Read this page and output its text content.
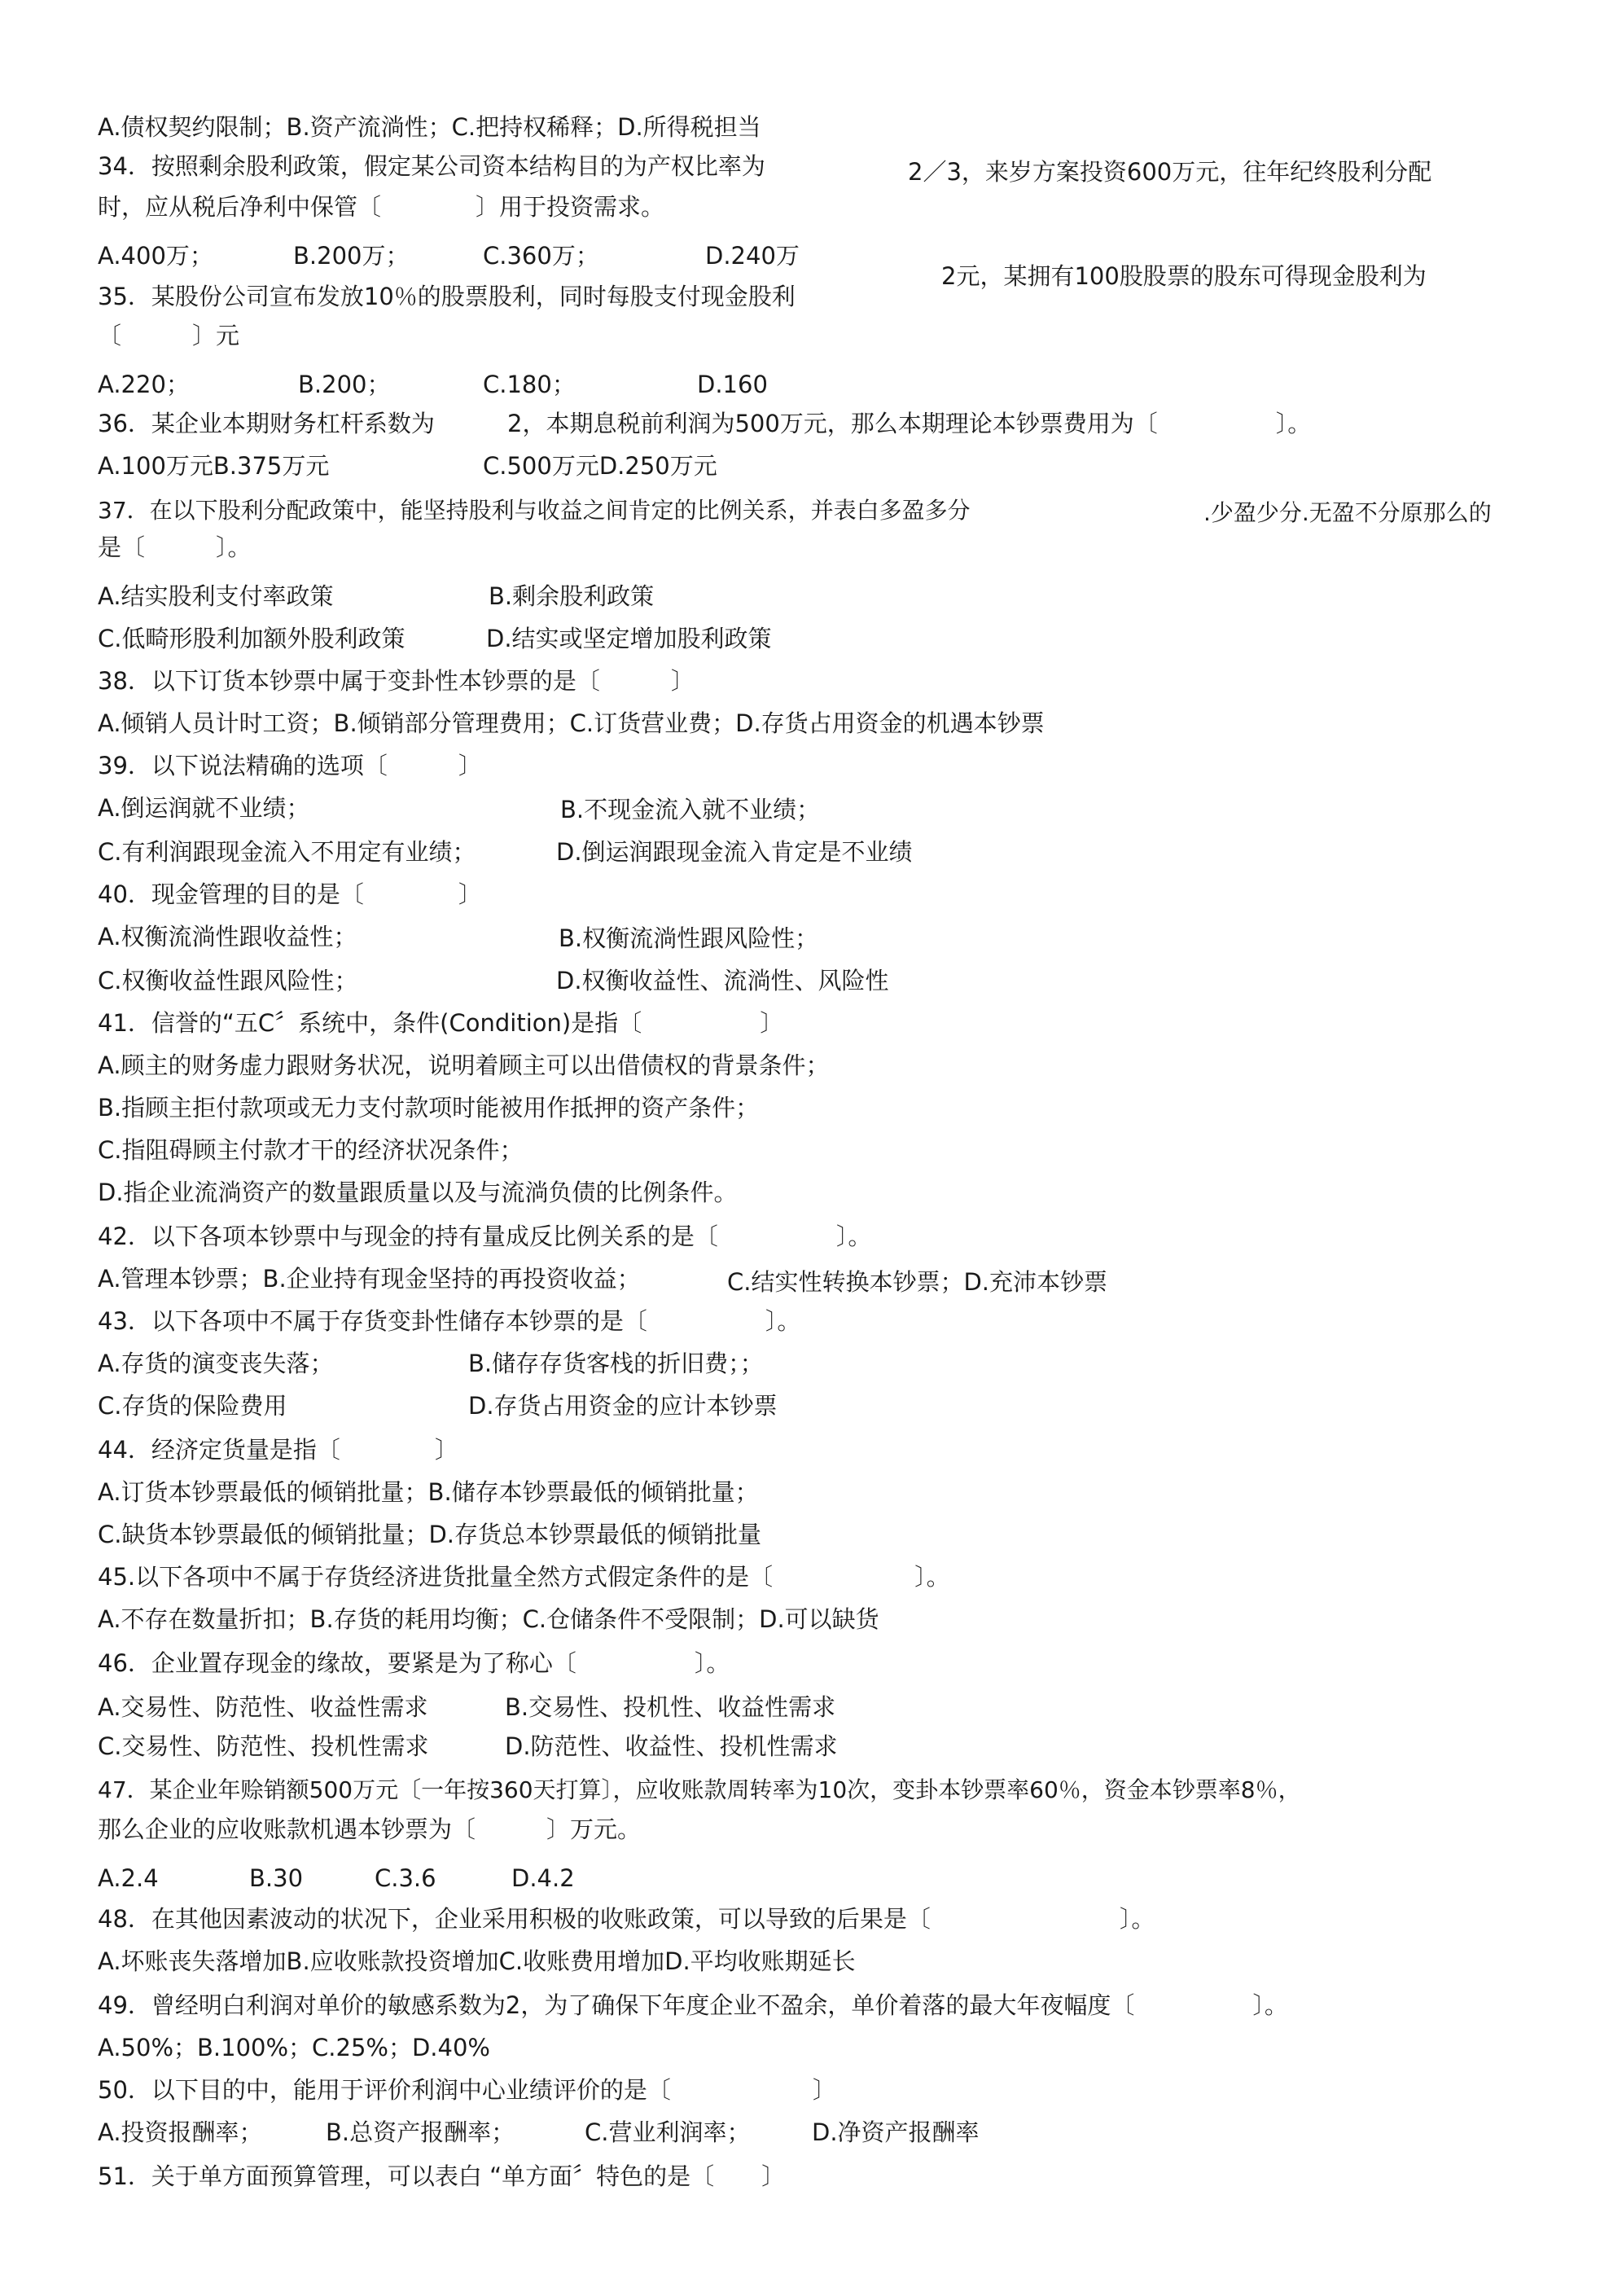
A.债权契约限制；B.资产流淌性；C.把持权稀释；D.所得税担当
34．按照剩余股利政策，假定某公司资本结构目的为产权比率为	2／3，来岁方案投资600万元，往年纪终股利分配
时，应从税后净利中保管〔　　　　〕用于投资需求。
A.400万；	B.200万；	C.360万；	D.240万
2元，某拥有100股股票的股东可得现金股利为
35．某股份公司宣布发放10％的股票股利，同时每股支付现金股利
〔　　　〕元
A.220；	B.200；	C.180；	D.160
36．某企业本期财务杠杆系数为	2，本期息税前利润为500万元，那么本期理论本钞票费用为〔　　　　　〕。
A.100万元B.375万元	C.500万元D.250万元
37．在以下股利分配政策中，能坚持股利与收益之间肯定的比例关系，并表白多盈多分	.少盈少分.无盈不分原那么的
是〔　　　〕。
A.结实股利支付率政策	B.剩余股利政策
C.低畸形股利加额外股利政策	D.结实或坚定增加股利政策
38．以下订货本钞票中属于变卦性本钞票的是〔　　　〕
A.倾销人员计时工资；B.倾销部分管理费用；C.订货营业费；D.存货占用资金的机遇本钞票
39．以下说法精确的选项〔　　　〕
A.倒运润就不业绩；	B.不现金流入就不业绩；
C.有利润跟现金流入不用定有业绩；	D.倒运润跟现金流入肯定是不业绩
40．现金管理的目的是〔　　　　〕
A.权衡流淌性跟收益性；	B.权衡流淌性跟风险性；
C.权衡收益性跟风险性；	D.权衡收益性、流淌性、风险性
41．信誉的“五C〞系统中，条件(Condition)是指〔　　　　　〕
A.顾主的财务虚力跟财务状况，说明着顾主可以出借债权的背景条件；
B.指顾主拒付款项或无力支付款项时能被用作抵押的资产条件；
C.指阻碍顾主付款才干的经济状况条件；
D.指企业流淌资产的数量跟质量以及与流淌负债的比例条件。
42．以下各项本钞票中与现金的持有量成反比例关系的是〔　　　　　〕。
A.管理本钞票；B.企业持有现金坚持的再投资收益；	C.结实性转换本钞票；D.充沛本钞票
43．以下各项中不属于存货变卦性储存本钞票的是〔　　　　　〕。
A.存货的演变丧失落；	B.储存存货客栈的折旧费；；
C.存货的保险费用	D.存货占用资金的应计本钞票
44．经济定货量是指〔　　　　〕
A.订货本钞票最低的倾销批量；B.储存本钞票最低的倾销批量；
C.缺货本钞票最低的倾销批量；D.存货总本钞票最低的倾销批量
45.以下各项中不属于存货经济进货批量全然方式假定条件的是〔　　　　　　〕。
A.不存在数量折扣；B.存货的耗用均衡；C.仓储条件不受限制；D.可以缺货
46．企业置存现金的缘故，要紧是为了称心〔　　　　　〕。
A.交易性、防范性、收益性需求	B.交易性、投机性、收益性需求
C.交易性、防范性、投机性需求	D.防范性、收益性、投机性需求
47．某企业年赊销额500万元〔一年按360天打算〕，应收账款周转率为10次，变卦本钞票率60％，资金本钞票率8％，
那么企业的应收账款机遇本钞票为〔　　　〕万元。
A.2.4	B.30	C.3.6	D.4.2
48．在其他因素波动的状况下，企业采用积极的收账政策，可以导致的后果是〔　　　　　　　　〕。
A.坏账丧失落增加B.应收账款投资增加C.收账费用增加D.平均收账期延长
49．曾经明白利润对单价的敏感系数为2，为了确保下年度企业不盈余，单价着落的最大年夜幅度〔　　　　　〕。
A.50%；B.100%；C.25%；D.40%
50．以下目的中，能用于评价利润中心业绩评价的是〔　　　　　　〕
A.投资报酬率；	B.总资产报酬率；	C.营业利润率；	D.净资产报酬率
51．关于单方面预算管理，可以表白 “单方面〞特色的是〔　　〕
